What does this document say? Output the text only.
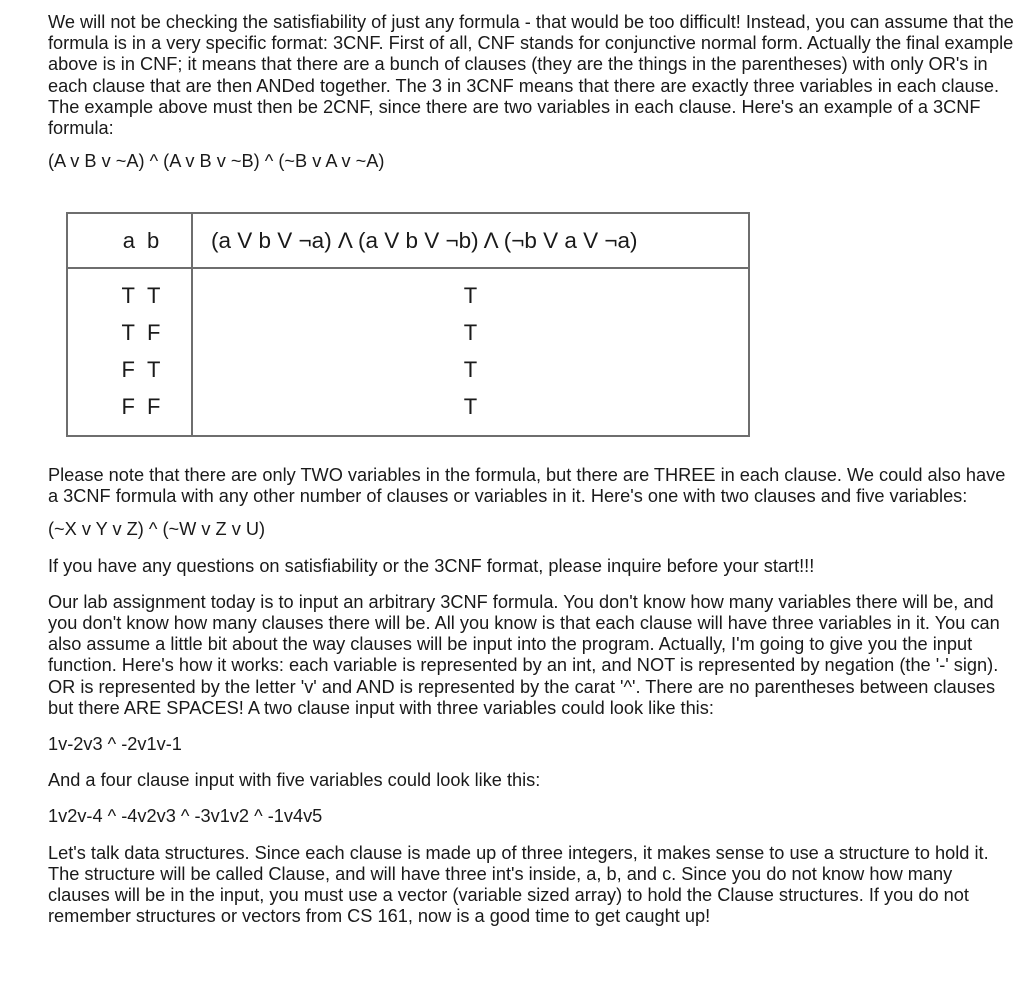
We will not be checking the satisfiability of just any formula - that would be too difficult! Instead, you can assume that the formula is in a very specific format: 3CNF. First of all, CNF stands for conjunctive normal form. Actually the final example above is in CNF; it means that there are a bunch of clauses (they are the things in the parentheses) with only OR's in each clause that are then ANDed together. The 3 in 3CNF means that there are exactly three variables in each clause. The example above must then be 2CNF, since there are two variables in each clause. Here's an example of a 3CNF formula:

(A v B v ~A) ^ (A v B v ~B) ^ (~B v A v ~A)

a	b	(a V b V ¬a) Λ (a V b V ¬b) Λ (¬b V a V ¬a)
T	T	T
T	F	T
F	T	T
F	F	T

Please note that there are only TWO variables in the formula, but there are THREE in each clause. We could also have a 3CNF formula with any other number of clauses or variables in it. Here's one with two clauses and five variables:

(~X v Y v Z) ^ (~W v Z v U)

If you have any questions on satisfiability or the 3CNF format, please inquire before your start!!!

Our lab assignment today is to input an arbitrary 3CNF formula. You don't know how many variables there will be, and you don't know how many clauses there will be. All you know is that each clause will have three variables in it. You can also assume a little bit about the way clauses will be input into the program. Actually, I'm going to give you the input function. Here's how it works: each variable is represented by an int, and NOT is represented by negation (the '-' sign). OR is represented by the letter 'v' and AND is represented by the carat '^'. There are no parentheses between clauses but there ARE SPACES! A two clause input with three variables could look like this:

1v-2v3 ^ -2v1v-1

And a four clause input with five variables could look like this:

1v2v-4 ^ -4v2v3 ^ -3v1v2 ^ -1v4v5

Let's talk data structures. Since each clause is made up of three integers, it makes sense to use a structure to hold it. The structure will be called Clause, and will have three int's inside, a, b, and c. Since you do not know how many clauses will be in the input, you must use a vector (variable sized array) to hold the Clause structures. If you do not remember structures or vectors from CS 161, now is a good time to get caught up!
